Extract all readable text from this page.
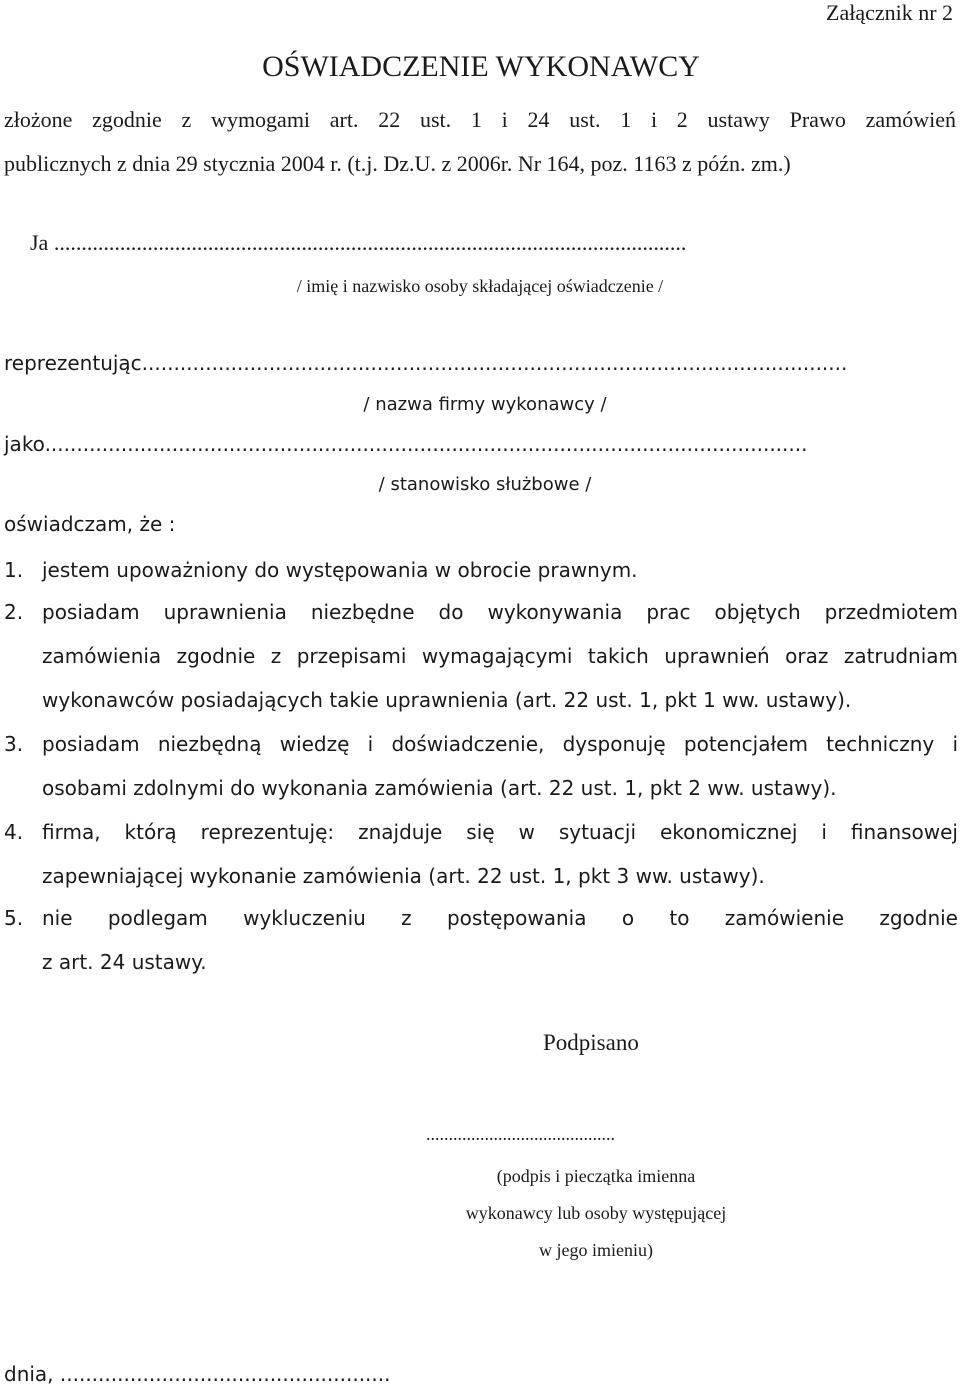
Załącznik nr 2
OŚWIADCZENIE WYKONAWCY
złożone zgodnie z wymogami art. 22 ust. 1 i 24 ust. 1 i 2 ustawy Prawo zamówień
publicznych z dnia 29 stycznia 2004 r. (t.j. Dz.U. z 2006r. Nr 164, poz. 1163 z późn. zm.)
Ja ...................................................................................................................
/ imię i nazwisko osoby składającej oświadczenie /
reprezentując...............................................................................................................
/ nazwa firmy wykonawcy /
jako........................................................................................................................
/ stanowisko służbowe /
oświadczam, że :
1. jestem upoważniony do występowania w obrocie prawnym.
2. posiadam uprawnienia niezbędne do wykonywania prac objętych przedmiotem
zamówienia zgodnie z przepisami wymagającymi takich uprawnień oraz zatrudniam
wykonawców posiadających takie uprawnienia (art. 22 ust. 1, pkt 1 ww. ustawy).
3. posiadam niezbędną wiedzę i doświadczenie, dysponuję potencjałem techniczny i
osobami zdolnymi do wykonania zamówienia (art. 22 ust. 1, pkt 2 ww. ustawy).
4. firma, którą reprezentuję: znajduje się w sytuacji ekonomicznej i finansowej
zapewniającej wykonanie zamówienia (art. 22 ust. 1, pkt 3 ww. ustawy).
5. nie podlegam wykluczeniu z postępowania o to zamówienie zgodnie
z art. 24 ustawy.
Podpisano
..........................................
(podpis i pieczątka imienna
wykonawcy lub osoby występującej
w jego imieniu)
dnia, ....................................................
